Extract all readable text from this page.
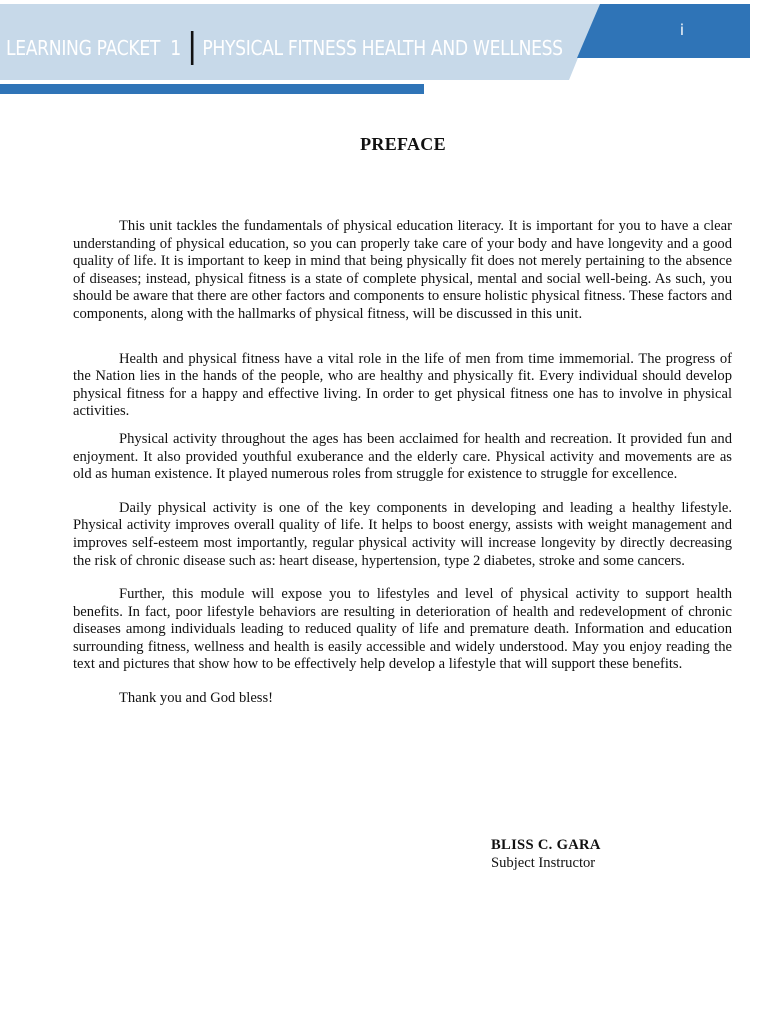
LEARNING PACKET  1 PHYSICAL FITNESS HEALTH AND WELLNESS
i
PREFACE

This unit tackles the fundamentals of physical education literacy. It is important for you to have a clear understanding of physical education, so you can properly take care of your body and have longevity and a good quality of life. It is important to keep in mind that being physically fit does not merely pertaining to the absence of diseases; instead, physical fitness is a state of complete physical, mental and social well-being. As such, you should be aware that there are other factors and components to ensure holistic physical fitness. These factors and components, along with the hallmarks of physical fitness, will be discussed in this unit.

Health and physical fitness have a vital role in the life of men from time immemorial. The progress of the Nation lies in the hands of the people, who are healthy and physically fit. Every individual should develop physical fitness for a happy and effective living. In order to get physical fitness one has to involve in physical activities.

Physical activity throughout the ages has been acclaimed for health and recreation. It provided fun and enjoyment. It also provided youthful exuberance and the elderly care. Physical activity and movements are as old as human existence. It played numerous roles from struggle for existence to struggle for excellence.

Daily physical activity is one of the key components in developing and leading a healthy lifestyle. Physical activity improves overall quality of life. It helps to boost energy, assists with weight management and improves self-esteem most importantly, regular physical activity will increase longevity by directly decreasing the risk of chronic disease such as: heart disease, hypertension, type 2 diabetes, stroke and some cancers.

Further, this module will expose you to lifestyles and level of physical activity to support health benefits. In fact, poor lifestyle behaviors are resulting in deterioration of health and redevelopment of chronic diseases among individuals leading to reduced quality of life and premature death. Information and education surrounding fitness, wellness and health is easily accessible and widely understood. May you enjoy reading the text and pictures that show how to be effectively help develop a lifestyle that will support these benefits.

Thank you and God bless!

BLISS C. GARA
Subject Instructor
